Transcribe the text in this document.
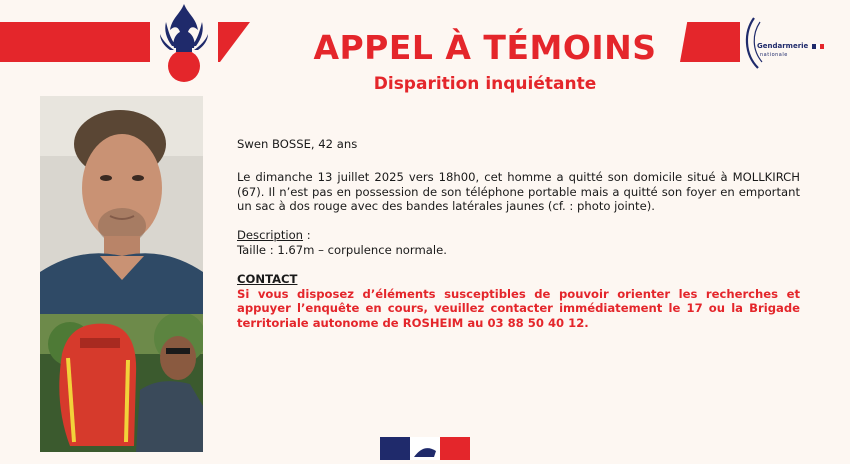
Gendarmerie
nationale
APPEL À TÉMOINS
Disparition inquiétante

Swen BOSSE, 42 ans

Le dimanche 13 juillet 2025 vers 18h00, cet homme a quitté son domicile situé à MOLLKIRCH (67). Il n’est pas en possession de son téléphone portable mais a quitté son foyer en emportant un sac à dos rouge avec des bandes latérales jaunes (cf. : photo jointe).

Description :

Taille : 1.67m – corpulence normale.

CONTACT

Si vous disposez d’éléments susceptibles de pouvoir orienter les recherches et appuyer l’enquête en cours, veuillez contacter immédiatement le 17 ou la Brigade territoriale autonome de ROSHEIM au 03 88 50 40 12.
